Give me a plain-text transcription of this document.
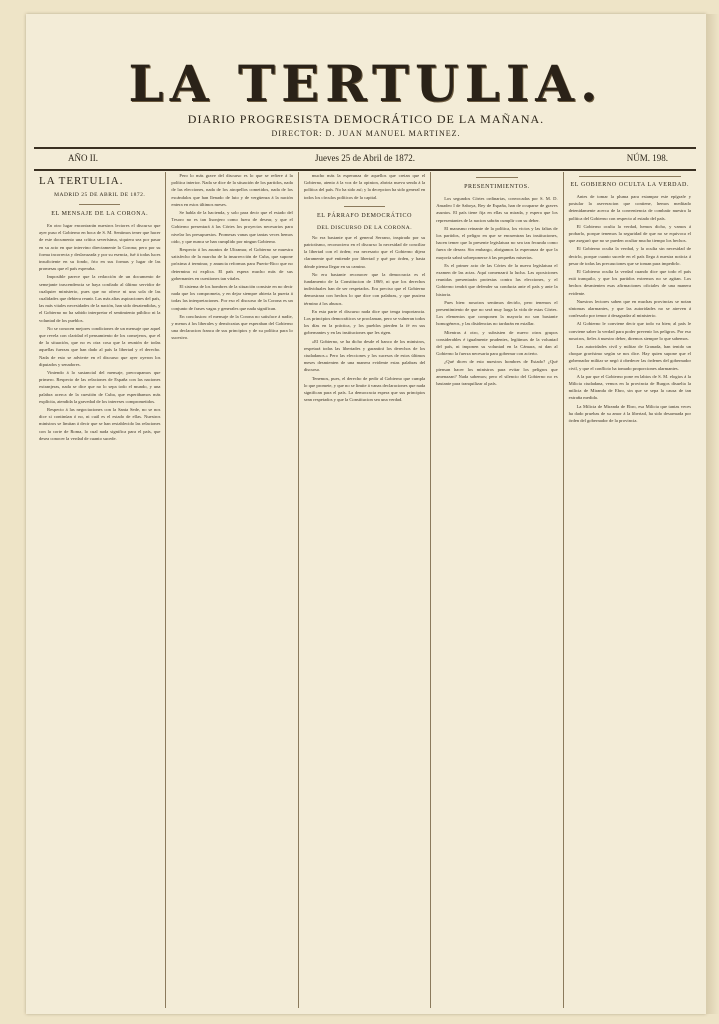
LA TERTULIA.
DIARIO PROGRESISTA DEMOCRÁTICO DE LA MAÑANA.
DIRECTOR: D. JUAN MANUEL MARTINEZ.
AÑO II.	Jueves 25 de Abril de 1872.	NÚM. 198.
LA TERTULIA.
MADRID 25 DE ABRIL DE 1872.
EL MENSAJE DE LA CORONA.

En otro lugar encontrarán nuestros lectores el discurso que ayer puso el Gobierno en boca de S. M. Sentimos tener que hacer de este documento una crítica severísima, siquiera sea por pasar en su acto en que intervino directamente la Corona; pero por su forma incorrecta y deslavazada y por su esencia, fué á todas luces insuficiente en su fondo, frio en sus formas y lugar de las promesas que el país esperaba.

Imposible parece que la redacción de un documento de semejante trascendencia se haya confiado al último servidor de cualquier ministerio, pues que no ofrece ni una sola de las cualidades que debiera reunir. Las más altas aspiraciones del país, las más vitales necesidades de la nación, han sido desatendidas, y el Gobierno no ha sabido interpretar el sentimiento público ni la voluntad de los pueblos.

No se conocen mejores condiciones de un mensaje que aquel que revela con claridad el pensamiento de los consejeros, que el de la situación, que no es otra cosa que la reunión de todas aquellas fuerzas que han dado al país la libertad y el derecho. Nada de esto se advierte en el discurso que ayer oyeron los diputados y senadores.

Viniendo á lo sustancial del mensaje, preocupamos que primero. Respecto de las relaciones de España con las naciones extranjeras, nada se dice que no lo sepa todo el mundo, y una palabra acerca de la cuestión de Cuba, que esperábamos más explícita, atendida la gravedad de los intereses comprometidos.

Respecto á las negociaciones con la Santa Sede, no se nos dice si continúan ó no, ni cuál es el estado de ellas. Nuestros ministros se limitan á decir que se han restablecido las relaciones con la corte de Roma, lo cual nada significa para el país, que desea conocer la verdad de cuanto sucede.

Pero lo más grave del discurso es lo que se refiere á la política interior. Nada se dice de la situación de los partidos, nada de las elecciones, nada de los atropellos cometidos, nada de los escándalos que han llenado de luto y de vergüenza á la nación entera en estos últimos meses.

Se habla de la hacienda, y solo para decir que el estado del Tesoro no es tan lisonjero como fuera de desear, y que el Gobierno presentará á las Córtes los proyectos necesarios para nivelar los presupuestos. Promesas vanas que tantas veces hemos oido, y que nunca se han cumplido por ningun Gobierno.

Respecto á los asuntos de Ultramar, el Gobierno se muestra satisfecho de la marcha de la insurrección de Cuba, que supone próxima á terminar, y anuncia reformas para Puerto-Rico que no determina ni explica. El país espera mucho más de sus gobernantes en cuestiones tan vitales.

El sistema de los hombres de la situación consiste en no decir nada que los comprometa, y en dejar siempre abierta la puerta á todas las interpretaciones. Por eso el discurso de la Corona es un conjunto de frases vagas y generales que nada significan.

En conclusion: el mensaje de la Corona no satisface á nadie, y menos á los liberales y demócratas que esperaban del Gobierno una declaracion franca de sus principios y de su política para lo sucesivo.

mucho más la esperanza de aquellos que creian que el Gobierno, atento á la voz de la opinion, abriria nueva senda á la política del país. No ha sido así; y la decepcion ha sido general en todos los círculos políticos de la capital.

EL PÁRRAFO DEMOCRÁTICO
DEL DISCURSO DE LA CORONA.

No era bastante que el general Serrano, inspirado por su patriotismo, reconociera en el discurso la necesidad de conciliar la libertad con el órden; era necesario que el Gobierno dijera claramente qué entiende por libertad y qué por órden, y hasta dónde piensa llegar en su camino.

No era bastante reconocer que la democracia es el fundamento de la Constitucion de 1869, ni que los derechos individuales han de ser respetados. Era preciso que el Gobierno demostrara con hechos lo que dice con palabras, y que pusiera término á los abusos.

En esta parte el discurso nada dice que tenga importancia. Los principios democráticos se proclaman, pero se vulneran todos los días en la práctica, y los pueblos pierden la fé en sus gobernantes y en las instituciones que les rigen.

«El Gobierno, se ha dicho desde el banco de los ministros, respetará todas las libertades y garantirá los derechos de los ciudadanos.» Pero las elecciones y los sucesos de estos últimos meses desmienten de una manera evidente estas palabras del discurso.

Tenemos, pues, el derecho de pedir al Gobierno que cumpla lo que promete, y que no se limite á vanas declaraciones que nada significan para el país. La democracia espera que sus principios sean respetados y que la Constitucion sea una verdad.

PRESENTIMIENTOS.

Los segundos Córtes ordinarias, convocadas por S. M. D. Amadeo I de Saboya, Rey de España, han de ocuparse de graves asuntos. El país tiene fija en ellas su mirada, y espera que los representantes de la nacion sabrán cumplir con su deber.

El marasmo reinante de la política, los vicios y las faltas de los partidos, el peligro en que se encuentran las instituciones, hacen temer que la presente legislatura no sea tan fecunda como fuera de desear. Sin embargo, abrigamos la esperanza de que la mayoría sabrá sobreponerse á las pequeñas miserias.

Es el primer acto de las Córtes de la nueva legislatura el examen de las actas. Aquí comenzará la lucha. Las oposiciones reunidas presentarán protestas contra las elecciones, y el Gobierno tendrá que defender su conducta ante el país y ante la historia.

Pues bien: nosotros sentimos decirlo, pero tenemos el presentimiento de que no será muy larga la vida de estas Córtes. Los elementos que componen la mayoría no son bastante homogéneos, y las disidencias no tardarán en estallar.

Mientras á otro, y subsisten de nuevo otros grupos considerables é igualmente prudentes, legítimos de la voluntad del país, ni imponen su voluntad en la Cámara, ni dan al Gobierno la fuerza necesaria para gobernar con acierto.

¿Qué dicen de esto nuestros hombres de Estado? ¿Qué piensan hacer los ministros para evitar los peligros que amenazan? Nada sabemos; pero el silencio del Gobierno no es bastante para tranquilizar al país.

EL GOBIERNO OCULTA LA VERDAD.

Antes de tomar la pluma para estampar este epígrafe y postular la aseveracion que contiene, hemos meditado detenidamente acerca de la conveniencia de combatir nuestra la política del Gobierno con respecto al estado del país.

El Gobierno oculta la verdad, hemos dicho, y vamos á probarlo, porque tenemos la seguridad de que no se equivoca el que aseguró que no se pueden ocultar mucho tiempo los hechos.

El Gobierno oculta la verdad, y la oculta sin necesidad de decirlo, porque cuanto sucede en el país llega á nuestra noticia á pesar de todas las precauciones que se toman para impedirlo.

El Gobierno oculta la verdad cuando dice que todo el país está tranquilo, y que los partidos extremos no se agitan. Los hechos desmienten esas afirmaciones oficiales de una manera evidente.

Nuestros lectores saben que en muchas provincias se notan síntomas alarmantes, y que las autoridades no se atreven á confesarlo por temor á desagradar al ministerio.

Al Gobierno le conviene decir que todo va bien; al país le conviene saber la verdad para poder prevenir los peligros. Por eso nosotros, fieles á nuestro deber, diremos siempre lo que sabemos.

Las autoridades civil y militar de Granada, han tenido un choque gravísimo según se nos dice. Hay quien supone que el gobernador militar se negó á obedecer las órdenes del gobernador civil, y que el conflicto ha tomado proporciones alarmantes.

A la par que el Gobierno pone en labios de S. M. elogios á la Milicia ciudadana, vemos en la provincia de Burgos disuelta la milicia de Miranda de Ebro, sin que se sepa la causa de tan extraña medida.

La Milicia de Miranda de Ebro, esa Milicia que tantas veces ha dado pruebas de su amor á la libertad, ha sido desarmada por órden del gobernador de la provincia.
